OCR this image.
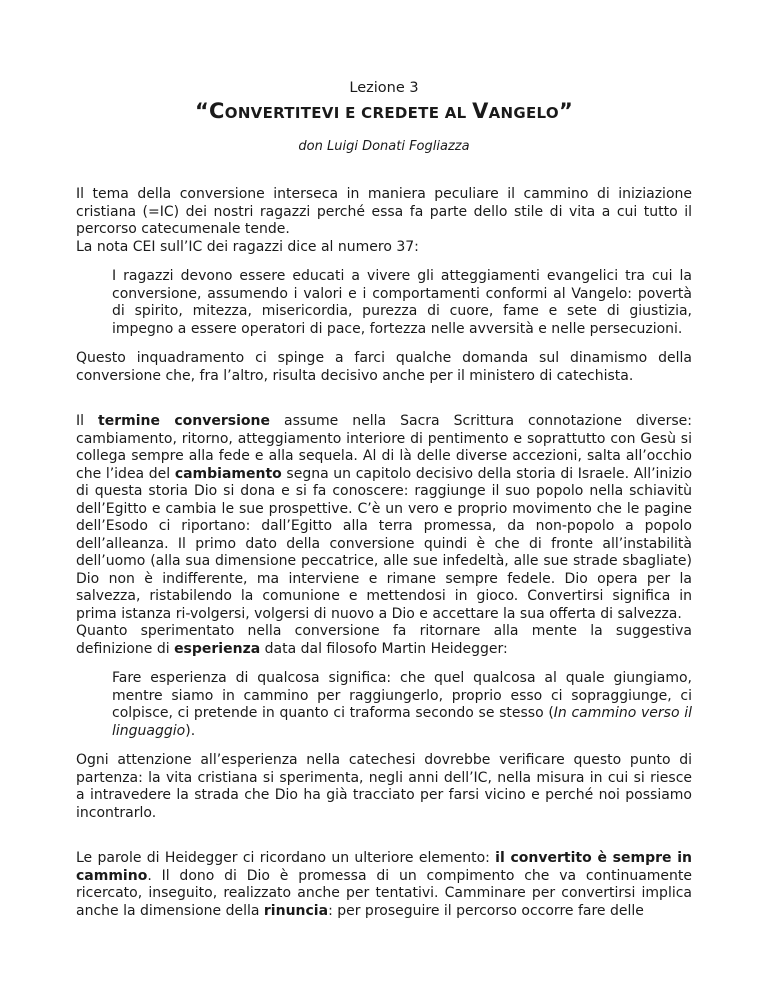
Lezione 3
“CONVERTITEVI E CREDETE AL VANGELO”
don Luigi Donati Fogliazza

Il tema della conversione interseca in maniera peculiare il cammino di iniziazione cristiana (=IC) dei nostri ragazzi perché essa fa parte dello stile di vita a cui tutto il percorso catecumenale tende.

La nota CEI sull’IC dei ragazzi dice al numero 37:

I ragazzi devono essere educati a vivere gli atteggiamenti evangelici tra cui la conversione, assumendo i valori e i comportamenti conformi al Vangelo: povertà di spirito, mitezza, misericordia, purezza di cuore, fame e sete di giustizia, impegno a essere operatori di pace, fortezza nelle avversità e nelle persecuzioni.

Questo inquadramento ci spinge a farci qualche domanda sul dinamismo della conversione che, fra l’altro, risulta decisivo anche per il ministero di catechista.

Il termine conversione assume nella Sacra Scrittura connotazione diverse: cambiamento, ritorno, atteggiamento interiore di pentimento e soprattutto con Gesù si collega sempre alla fede e alla sequela. Al di là delle diverse accezioni, salta all’occhio che l’idea del cambiamento segna un capitolo decisivo della storia di Israele. All’inizio di questa storia Dio si dona e si fa conoscere: raggiunge il suo popolo nella schiavitù dell’Egitto e cambia le sue prospettive. C’è un vero e proprio movimento che le pagine dell’Esodo ci riportano: dall’Egitto alla terra promessa, da non-popolo a popolo dell’alleanza. Il primo dato della conversione quindi è che di fronte all’instabilità dell’uomo (alla sua dimensione peccatrice, alle sue infedeltà, alle sue strade sbagliate) Dio non è indifferente, ma interviene e rimane sempre fedele. Dio opera per la salvezza, ristabilendo la comunione e mettendosi in gioco. Convertirsi significa in prima istanza ri-volgersi, volgersi di nuovo a Dio e accettare la sua offerta di salvezza.

Quanto sperimentato nella conversione fa ritornare alla mente la suggestiva definizione di esperienza data dal filosofo Martin Heidegger:

Fare esperienza di qualcosa significa: che quel qualcosa al quale giungiamo, mentre siamo in cammino per raggiungerlo, proprio esso ci sopraggiunge, ci colpisce, ci pretende in quanto ci traforma secondo se stesso (In cammino verso il linguaggio).

Ogni attenzione all’esperienza nella catechesi dovrebbe verificare questo punto di partenza: la vita cristiana si sperimenta, negli anni dell’IC, nella misura in cui si riesce a intravedere la strada che Dio ha già tracciato per farsi vicino e perché noi possiamo incontrarlo.

Le parole di Heidegger ci ricordano un ulteriore elemento: il convertito è sempre in cammino. Il dono di Dio è promessa di un compimento che va continuamente ricercato, inseguito, realizzato anche per tentativi. Camminare per convertirsi implica anche la dimensione della rinuncia: per proseguire il percorso occorre fare delle
